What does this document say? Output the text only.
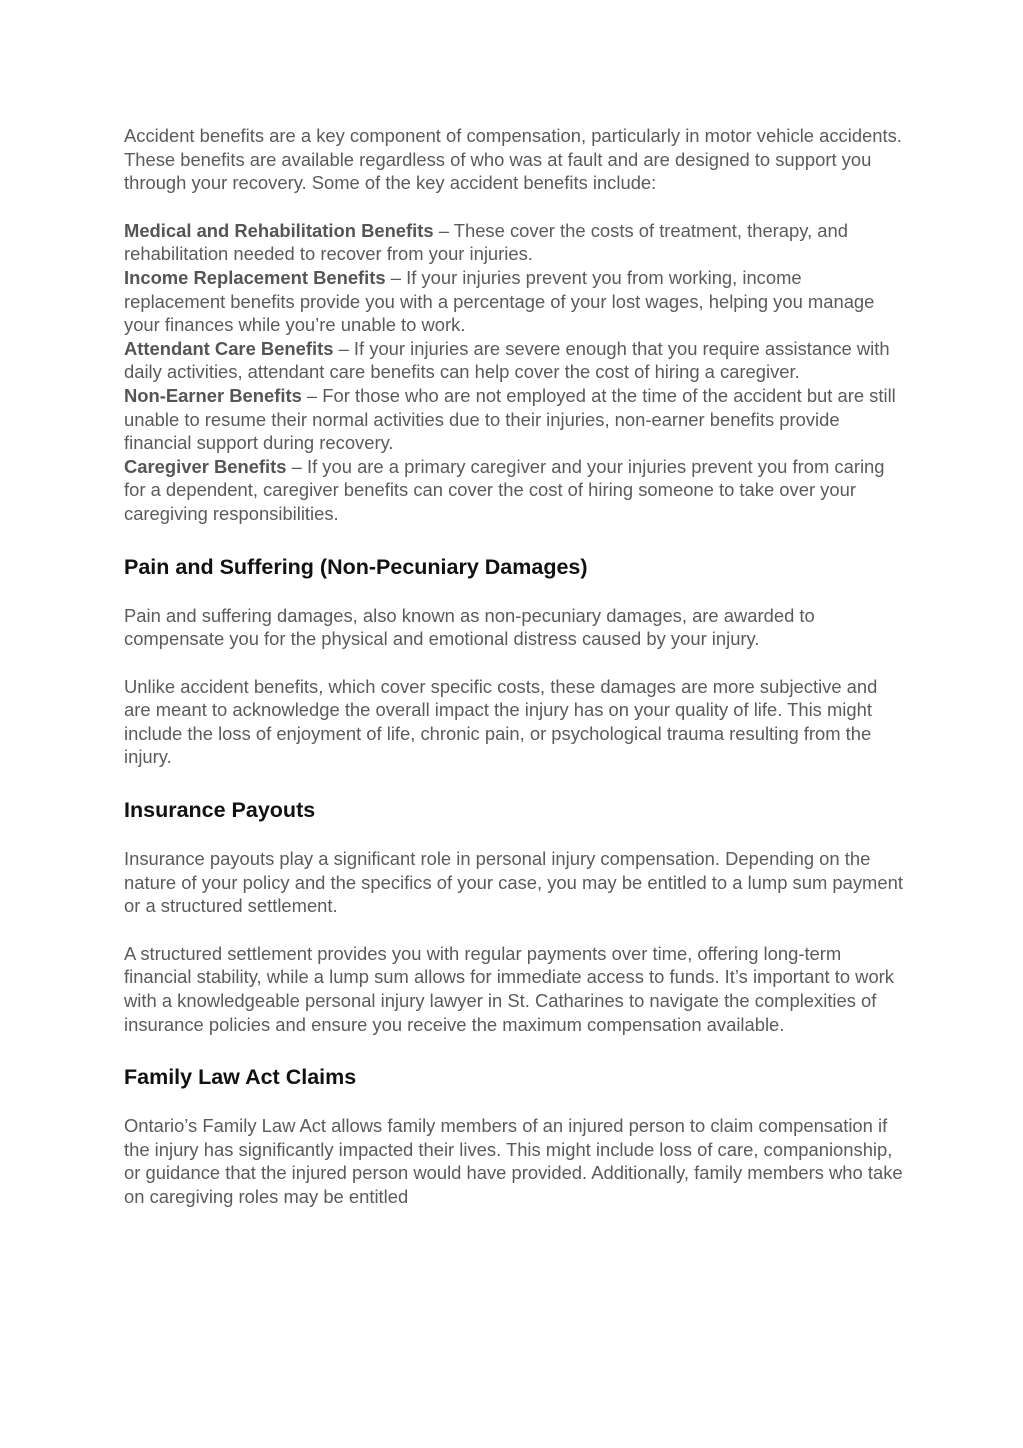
Accident benefits are a key component of compensation, particularly in motor vehicle accidents. These benefits are available regardless of who was at fault and are designed to support you through your recovery. Some of the key accident benefits include:

Medical and Rehabilitation Benefits – These cover the costs of treatment, therapy, and rehabilitation needed to recover from your injuries.

Income Replacement Benefits – If your injuries prevent you from working, income replacement benefits provide you with a percentage of your lost wages, helping you manage your finances while you’re unable to work.

Attendant Care Benefits – If your injuries are severe enough that you require assistance with daily activities, attendant care benefits can help cover the cost of hiring a caregiver.

Non-Earner Benefits – For those who are not employed at the time of the accident but are still unable to resume their normal activities due to their injuries, non-earner benefits provide financial support during recovery.

Caregiver Benefits – If you are a primary caregiver and your injuries prevent you from caring for a dependent, caregiver benefits can cover the cost of hiring someone to take over your caregiving responsibilities.

Pain and Suffering (Non-Pecuniary Damages)

Pain and suffering damages, also known as non-pecuniary damages, are awarded to compensate you for the physical and emotional distress caused by your injury.

Unlike accident benefits, which cover specific costs, these damages are more subjective and are meant to acknowledge the overall impact the injury has on your quality of life. This might include the loss of enjoyment of life, chronic pain, or psychological trauma resulting from the injury.

Insurance Payouts

Insurance payouts play a significant role in personal injury compensation. Depending on the nature of your policy and the specifics of your case, you may be entitled to a lump sum payment or a structured settlement.

A structured settlement provides you with regular payments over time, offering long-term financial stability, while a lump sum allows for immediate access to funds. It’s important to work with a knowledgeable personal injury lawyer in St. Catharines to navigate the complexities of insurance policies and ensure you receive the maximum compensation available.

Family Law Act Claims

Ontario’s Family Law Act allows family members of an injured person to claim compensation if the injury has significantly impacted their lives. This might include loss of care, companionship, or guidance that the injured person would have provided. Additionally, family members who take on caregiving roles may be entitled
